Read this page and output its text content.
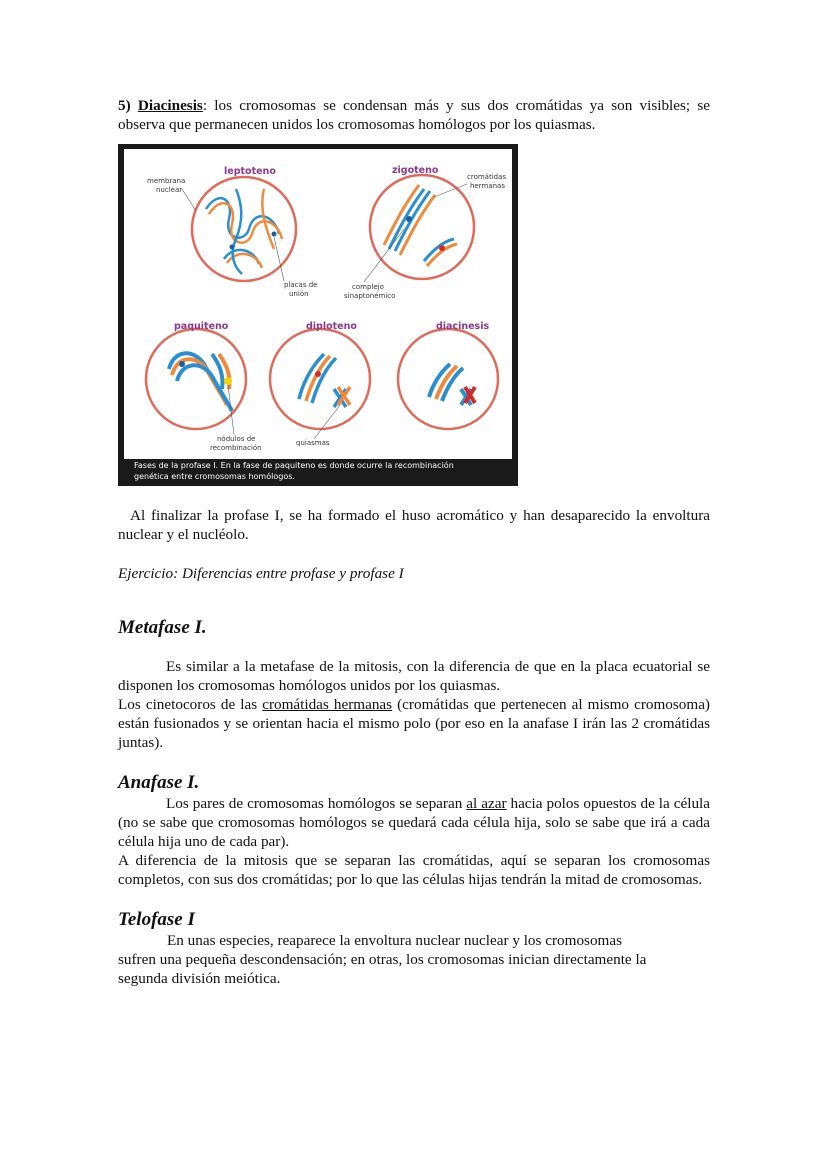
5) Diacinesis: los cromosomas se condensan más y sus dos cromátidas ya son visibles; se observa que permanecen unidos los cromosomas homólogos por los quiasmas.

leptoteno	zigoteno
paquiteno	diploteno	diacinesis
membrana
nuclear
cromátidas
hermanas
placas de
unión
complejo
sinaptonémico
nódulos de
recombinación
quiasmas
Fases de la profase I. En la fase de paquiteno es donde ocurre la recombinación
genética entre cromosomas homólogos.

Al finalizar la profase I, se ha formado el huso acromático y han desaparecido la envoltura nuclear y el nucléolo.

Ejercicio: Diferencias entre profase y profase I

Metafase I.

Es similar a la metafase de la mitosis, con la diferencia de que en la placa ecuatorial se disponen los cromosomas homólogos unidos por los quiasmas.

Los cinetocoros de las cromátidas hermanas (cromátidas que pertenecen al mismo cromosoma) están fusionados y se orientan hacia el mismo polo (por eso en la anafase I irán las 2 cromátidas juntas).

Anafase I.

Los pares de cromosomas homólogos se separan al azar hacia polos opuestos de la célula (no se sabe que cromosomas homólogos se quedará cada célula hija, solo se sabe que irá a cada célula hija uno de cada par).

A diferencia de la mitosis que se separan las cromátidas, aquí se separan los cromosomas completos, con sus dos cromátidas; por lo que las células hijas tendrán la mitad de cromosomas.

Telofase I

En unas especies, reaparece la envoltura nuclear nuclear y los cromosomas

sufren una pequeña descondensación; en otras, los cromosomas inician directamente la

segunda división meiótica.
